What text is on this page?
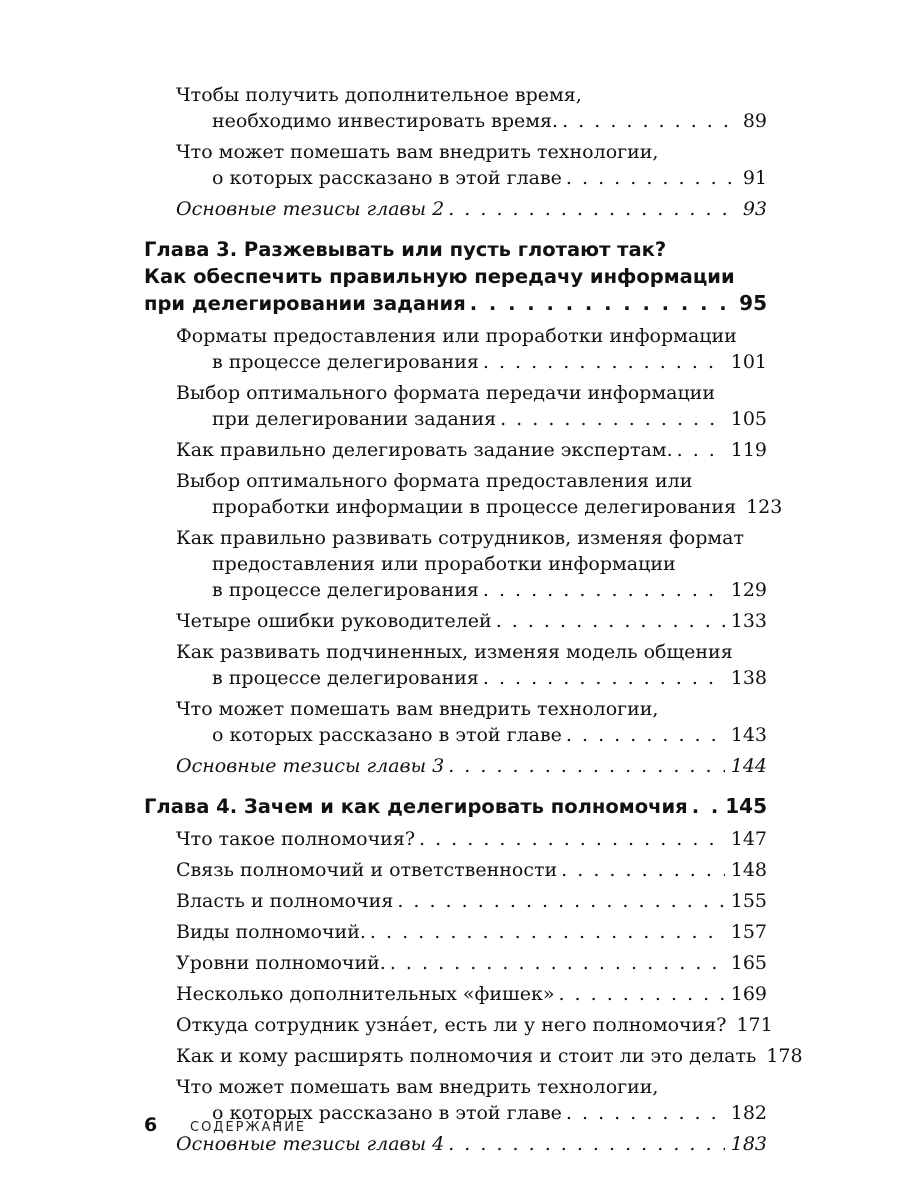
Чтобы получить дополнительное время,
необходимо инвестировать время. . . .	89
Что может помешать вам внедрить технологии,
о которых рассказано в этой главе . . .	91
Основные тезисы главы 2 . . .	93
Глава 3. Разжевывать или пусть глотают так?
Как обеспечить правильную передачу информации
при делегировании задания . . .	95
Форматы предоставления или проработки информации
в процессе делегирования . . .	101
Выбор оптимального формата передачи информации
при делегировании задания . . .	105
Как правильно делегировать задание экспертам. . . .	119
Выбор оптимального формата предоставления или
проработки информации в процессе делегирования 123
Как правильно развивать сотрудников, изменяя формат
предоставления или проработки информации
в процессе делегирования . . .	129
Четыре ошибки руководителей . . .	133
Как развивать подчиненных, изменяя модель общения
в процессе делегирования . . .	138
Что может помешать вам внедрить технологии,
о которых рассказано в этой главе . . .	143
Основные тезисы главы 3 . . .	144
Глава 4. Зачем и как делегировать полномочия . . . 145
Что такое полномочия? . . .	147
Связь полномочий и ответственности . . .	148
Власть и полномочия . . .	155
Виды полномочий. . . .	157
Уровни полномочий. . . .	165
Несколько дополнительных «фишек» . . .	169
Откуда сотрудник узнáет, есть ли у него полномочия? 171
Как и кому расширять полномочия и стоит ли это делать 178
Что может помешать вам внедрить технологии,
о которых рассказано в этой главе . . .	182
Основные тезисы главы 4 . . .	183
6	СОДЕРЖАНИЕ
